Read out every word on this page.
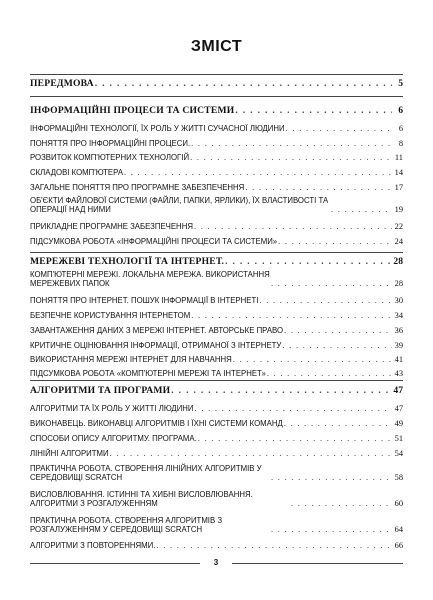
ЗМІСТ
ПЕРЕДМОВА . . .	5
ІНФОРМАЦІЙНІ ПРОЦЕСИ ТА СИСТЕМИ . . .	6
ІНФОРМАЦІЙНІ ТЕХНОЛОГІЇ, ЇХ РОЛЬ У ЖИТТІ СУЧАСНОЇ ЛЮДИНИ . . .	6
ПОНЯТТЯ ПРО ІНФОРМАЦІЙНІ ПРОЦЕСИ. . . .	8
РОЗВИТОК КОМП'ЮТЕРНИХ ТЕХНОЛОГІЙ . . .	11
СКЛАДОВІ КОМП'ЮТЕРА . . .	14
ЗАГАЛЬНЕ ПОНЯТТЯ ПРО ПРОГРАМНЕ ЗАБЕЗПЕЧЕННЯ . . .	17
ОБ'ЄКТИ ФАЙЛОВОЇ СИСТЕМИ (ФАЙЛИ, ПАПКИ, ЯРЛИКИ), ЇХ ВЛАСТИВОСТІ ТА ОПЕРАЦІЇ НАД НИМИ . . .	19
ПРИКЛАДНЕ ПРОГРАМНЕ ЗАБЕЗПЕЧЕННЯ . . .	22
ПІДСУМКОВА РОБОТА «ІНФОРМАЦІЙНІ ПРОЦЕСИ ТА СИСТЕМИ» . . .	24
МЕРЕЖЕВІ ТЕХНОЛОГІЇ ТА ІНТЕРНЕТ. . . .	28
КОМП'ЮТЕРНІ МЕРЕЖІ. ЛОКАЛЬНА МЕРЕЖА. ВИКОРИСТАННЯ МЕРЕЖЕВИХ ПАПОК . . .	28
ПОНЯТТЯ ПРО ІНТЕРНЕТ. ПОШУК ІНФОРМАЦІЇ В ІНТЕРНЕТІ . . .	30
БЕЗПЕЧНЕ КОРИСТУВАННЯ ІНТЕРНЕТОМ . . .	34
ЗАВАНТАЖЕННЯ ДАНИХ З МЕРЕЖІ ІНТЕРНЕТ. АВТОРСЬКЕ ПРАВО . . .	36
КРИТИЧНЕ ОЦІНЮВАННЯ ІНФОРМАЦІЇ, ОТРИМАНОЇ З ІНТЕРНЕТУ . . .	39
ВИКОРИСТАННЯ МЕРЕЖІ ІНТЕРНЕТ ДЛЯ НАВЧАННЯ . . .	41
ПІДСУМКОВА РОБОТА «КОМП'ЮТЕРНІ МЕРЕЖІ ТА ІНТЕРНЕТ» . . .	43
АЛГОРИТМИ ТА ПРОГРАМИ . . .	47
АЛГОРИТМИ ТА ЇХ РОЛЬ У ЖИТТІ ЛЮДИНИ . . .	47
ВИКОНАВЕЦЬ. ВИКОНАВЦІ АЛГОРИТМІВ І ЇХНІ СИСТЕМИ КОМАНД . . .	49
СПОСОБИ ОПИСУ АЛГОРИТМУ. ПРОГРАМА. . . .	51
ЛІНІЙНІ АЛГОРИТМИ . . .	54
ПРАКТИЧНА РОБОТА. СТВОРЕННЯ ЛІНІЙНИХ АЛГОРИТМІВ У СЕРЕДОВИЩІ SCRATCH . . .	58
ВИСЛОВЛЮВАННЯ. ІСТИННІ ТА ХИБНІ ВИСЛОВЛЮВАННЯ. АЛГОРИТМИ З РОЗГАЛУЖЕННЯМ . . .	60
ПРАКТИЧНА РОБОТА. СТВОРЕННЯ АЛГОРИТМІВ З РОЗГАЛУЖЕННЯМ У СЕРЕДОВИЩІ SCRATCH . . .	64
АЛГОРИТМИ З ПОВТОРЕННЯМИ. . . .	66
3
